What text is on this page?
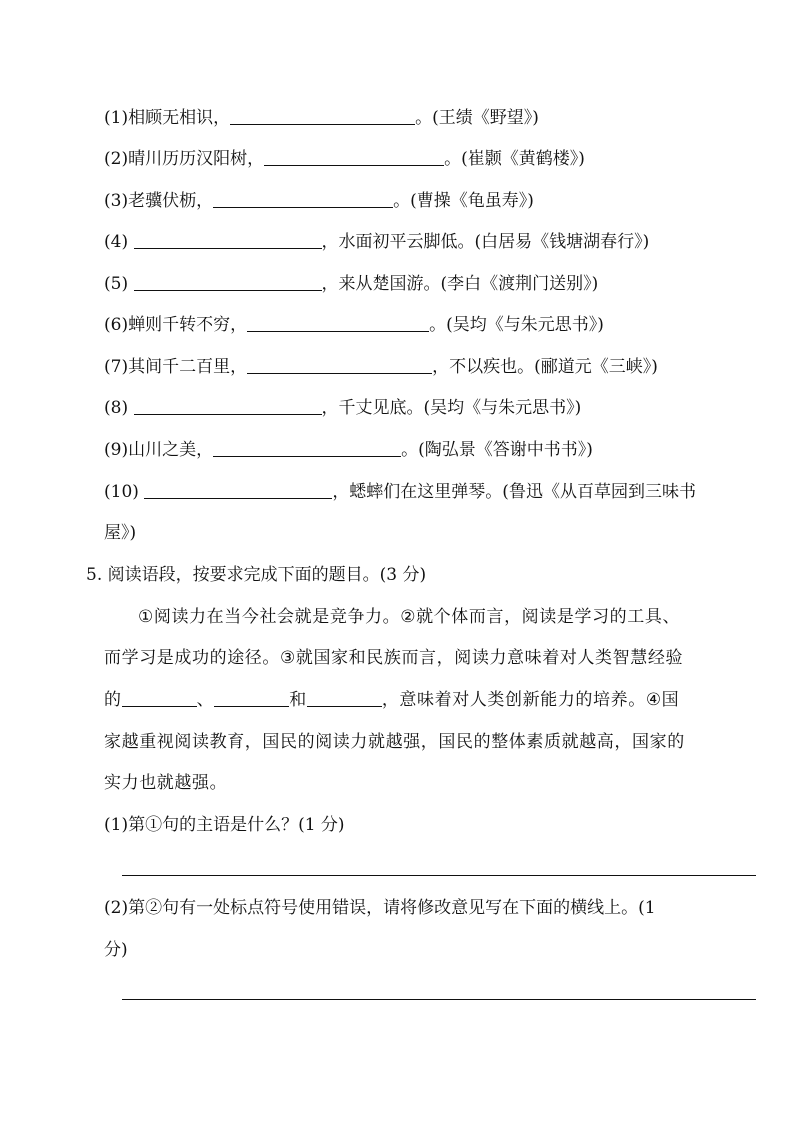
(1)相顾无相识，	。(王绩《野望》)
(2)晴川历历汉阳树，	。(崔颢《黄鹤楼》)
(3)老骥伏枥，	。(曹操《龟虽寿》)
(4)	，水面初平云脚低。(白居易《钱塘湖春行》)
(5)	，来从楚国游。(李白《渡荆门送别》)
(6)蝉则千转不穷，	。(吴均《与朱元思书》)
(7)其间千二百里，	，不以疾也。(郦道元《三峡》)
(8)	，千丈见底。(吴均《与朱元思书》)
(9)山川之美，	。(陶弘景《答谢中书书》)
(10)	，蟋蟀们在这里弹琴。(鲁迅《从百草园到三味书
屋》)
5. 阅读语段，按要求完成下面的题目。(3 分)
①阅读力在当今社会就是竞争力。②就个体而言，阅读是学习的工具、
而学习是成功的途径。③就国家和民族而言，阅读力意味着对人类智慧经验
的	、	和	，意味着对人类创新能力的培养。④国
家越重视阅读教育，国民的阅读力就越强，国民的整体素质就越高，国家的
实力也就越强。
(1)第①句的主语是什么？(1 分)
(2)第②句有一处标点符号使用错误，请将修改意见写在下面的横线上。(1
分)
